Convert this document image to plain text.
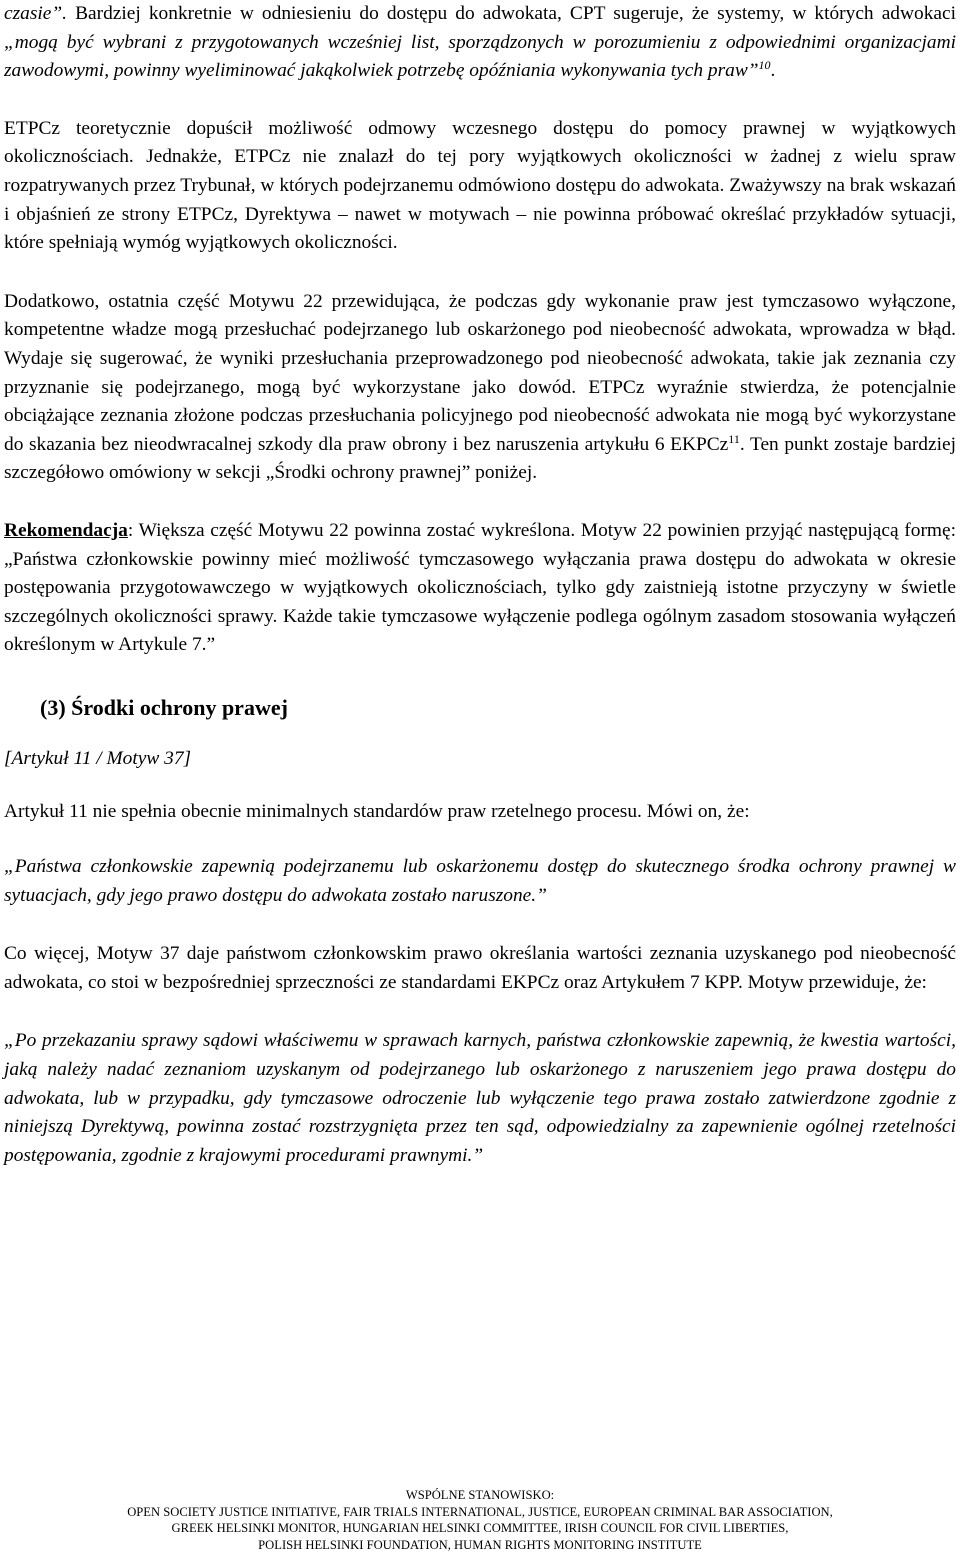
czasie”. Bardziej konkretnie w odniesieniu do dostępu do adwokata, CPT sugeruje, że systemy, w których adwokaci „mogą być wybrani z przygotowanych wcześniej list, sporządzonych w porozumieniu z odpowiednimi organizacjami zawodowymi, powinny wyeliminować jakąkolwiek potrzebę opóźniania wykonywania tych praw”$^{10}$.

ETPCz teoretycznie dopuścił możliwość odmowy wczesnego dostępu do pomocy prawnej w wyjątkowych okolicznościach. Jednakże, ETPCz nie znalazł do tej pory wyjątkowych okoliczności w żadnej z wielu spraw rozpatrywanych przez Trybunał, w których podejrzanemu odmówiono dostępu do adwokata. Zważywszy na brak wskazań i objaśnień ze strony ETPCz, Dyrektywa – nawet w motywach – nie powinna próbować określać przykładów sytuacji, które spełniają wymóg wyjątkowych okoliczności.

Dodatkowo, ostatnia część Motywu 22 przewidująca, że podczas gdy wykonanie praw jest tymczasowo wyłączone, kompetentne władze mogą przesłuchać podejrzanego lub oskarżonego pod nieobecność adwokata, wprowadza w błąd. Wydaje się sugerować, że wyniki przesłuchania przeprowadzonego pod nieobecność adwokata, takie jak zeznania czy przyznanie się podejrzanego, mogą być wykorzystane jako dowód. ETPCz wyraźnie stwierdza, że potencjalnie obciążające zeznania złożone podczas przesłuchania policyjnego pod nieobecność adwokata nie mogą być wykorzystane do skazania bez nieodwracalnej szkody dla praw obrony i bez naruszenia artykułu 6 EKPCz$^{11}$. Ten punkt zostaje bardziej szczegółowo omówiony w sekcji „Środki ochrony prawnej” poniżej.

Rekomendacja: Większa część Motywu 22 powinna zostać wykreślona. Motyw 22 powinien przyjąć następującą formę: „Państwa członkowskie powinny mieć możliwość tymczasowego wyłączania prawa dostępu do adwokata w okresie postępowania przygotowawczego w wyjątkowych okolicznościach, tylko gdy zaistnieją istotne przyczyny w świetle szczególnych okoliczności sprawy. Każde takie tymczasowe wyłączenie podlega ogólnym zasadom stosowania wyłączeń określonym w Artykule 7.”

(3) Środki ochrony prawej

[Artykuł 11 / Motyw 37]

Artykuł 11 nie spełnia obecnie minimalnych standardów praw rzetelnego procesu. Mówi on, że:

„Państwa członkowskie zapewnią podejrzanemu lub oskarżonemu dostęp do skutecznego środka ochrony prawnej w sytuacjach, gdy jego prawo dostępu do adwokata zostało naruszone.”

Co więcej, Motyw 37 daje państwom członkowskim prawo określania wartości zeznania uzyskanego pod nieobecność adwokata, co stoi w bezpośredniej sprzeczności ze standardami EKPCz oraz Artykułem 7 KPP. Motyw przewiduje, że:

„Po przekazaniu sprawy sądowi właściwemu w sprawach karnych, państwa członkowskie zapewnią, że kwestia wartości, jaką należy nadać zeznaniom uzyskanym od podejrzanego lub oskarżonego z naruszeniem jego prawa dostępu do adwokata, lub w przypadku, gdy tymczasowe odroczenie lub wyłączenie tego prawa zostało zatwierdzone zgodnie z niniejszą Dyrektywą, powinna zostać rozstrzygnięta przez ten sąd, odpowiedzialny za zapewnienie ogólnej rzetelności postępowania, zgodnie z krajowymi procedurami prawnymi.”

WSPÓLNE STANOWISKO:
OPEN SOCIETY JUSTICE INITIATIVE, FAIR TRIALS INTERNATIONAL, JUSTICE, EUROPEAN CRIMINAL BAR ASSOCIATION,
GREEK HELSINKI MONITOR, HUNGARIAN HELSINKI COMMITTEE, IRISH COUNCIL FOR CIVIL LIBERTIES,
POLISH HELSINKI FOUNDATION, HUMAN RIGHTS MONITORING INSTITUTE
